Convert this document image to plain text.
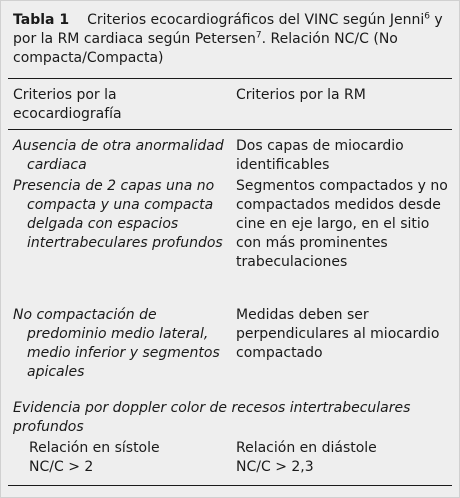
Tabla 1 Criterios ecocardiográficos del VINC según Jenni$^6$ y por la RM cardiaca según Petersen$^7$. Relación NC/C (No compacta/Compacta)
Criterios por la ecocardiografía
Criterios por la RM
Ausencia de otra anormalidad cardiaca
Dos capas de miocardio identificables
Presencia de 2 capas una no compacta y una compacta delgada con espacios intertrabeculares profundos
Segmentos compactados y no compactados medidos desde cine en eje largo, en el sitio con más prominentes trabeculaciones
No compactación de predominio medio lateral, medio inferior y segmentos apicales
Medidas deben ser perpendiculares al miocardio compactado
Evidencia por doppler color de recesos intertrabeculares profundos
Relación en sístole
NC/C > 2
Relación en diástole
NC/C > 2,3
